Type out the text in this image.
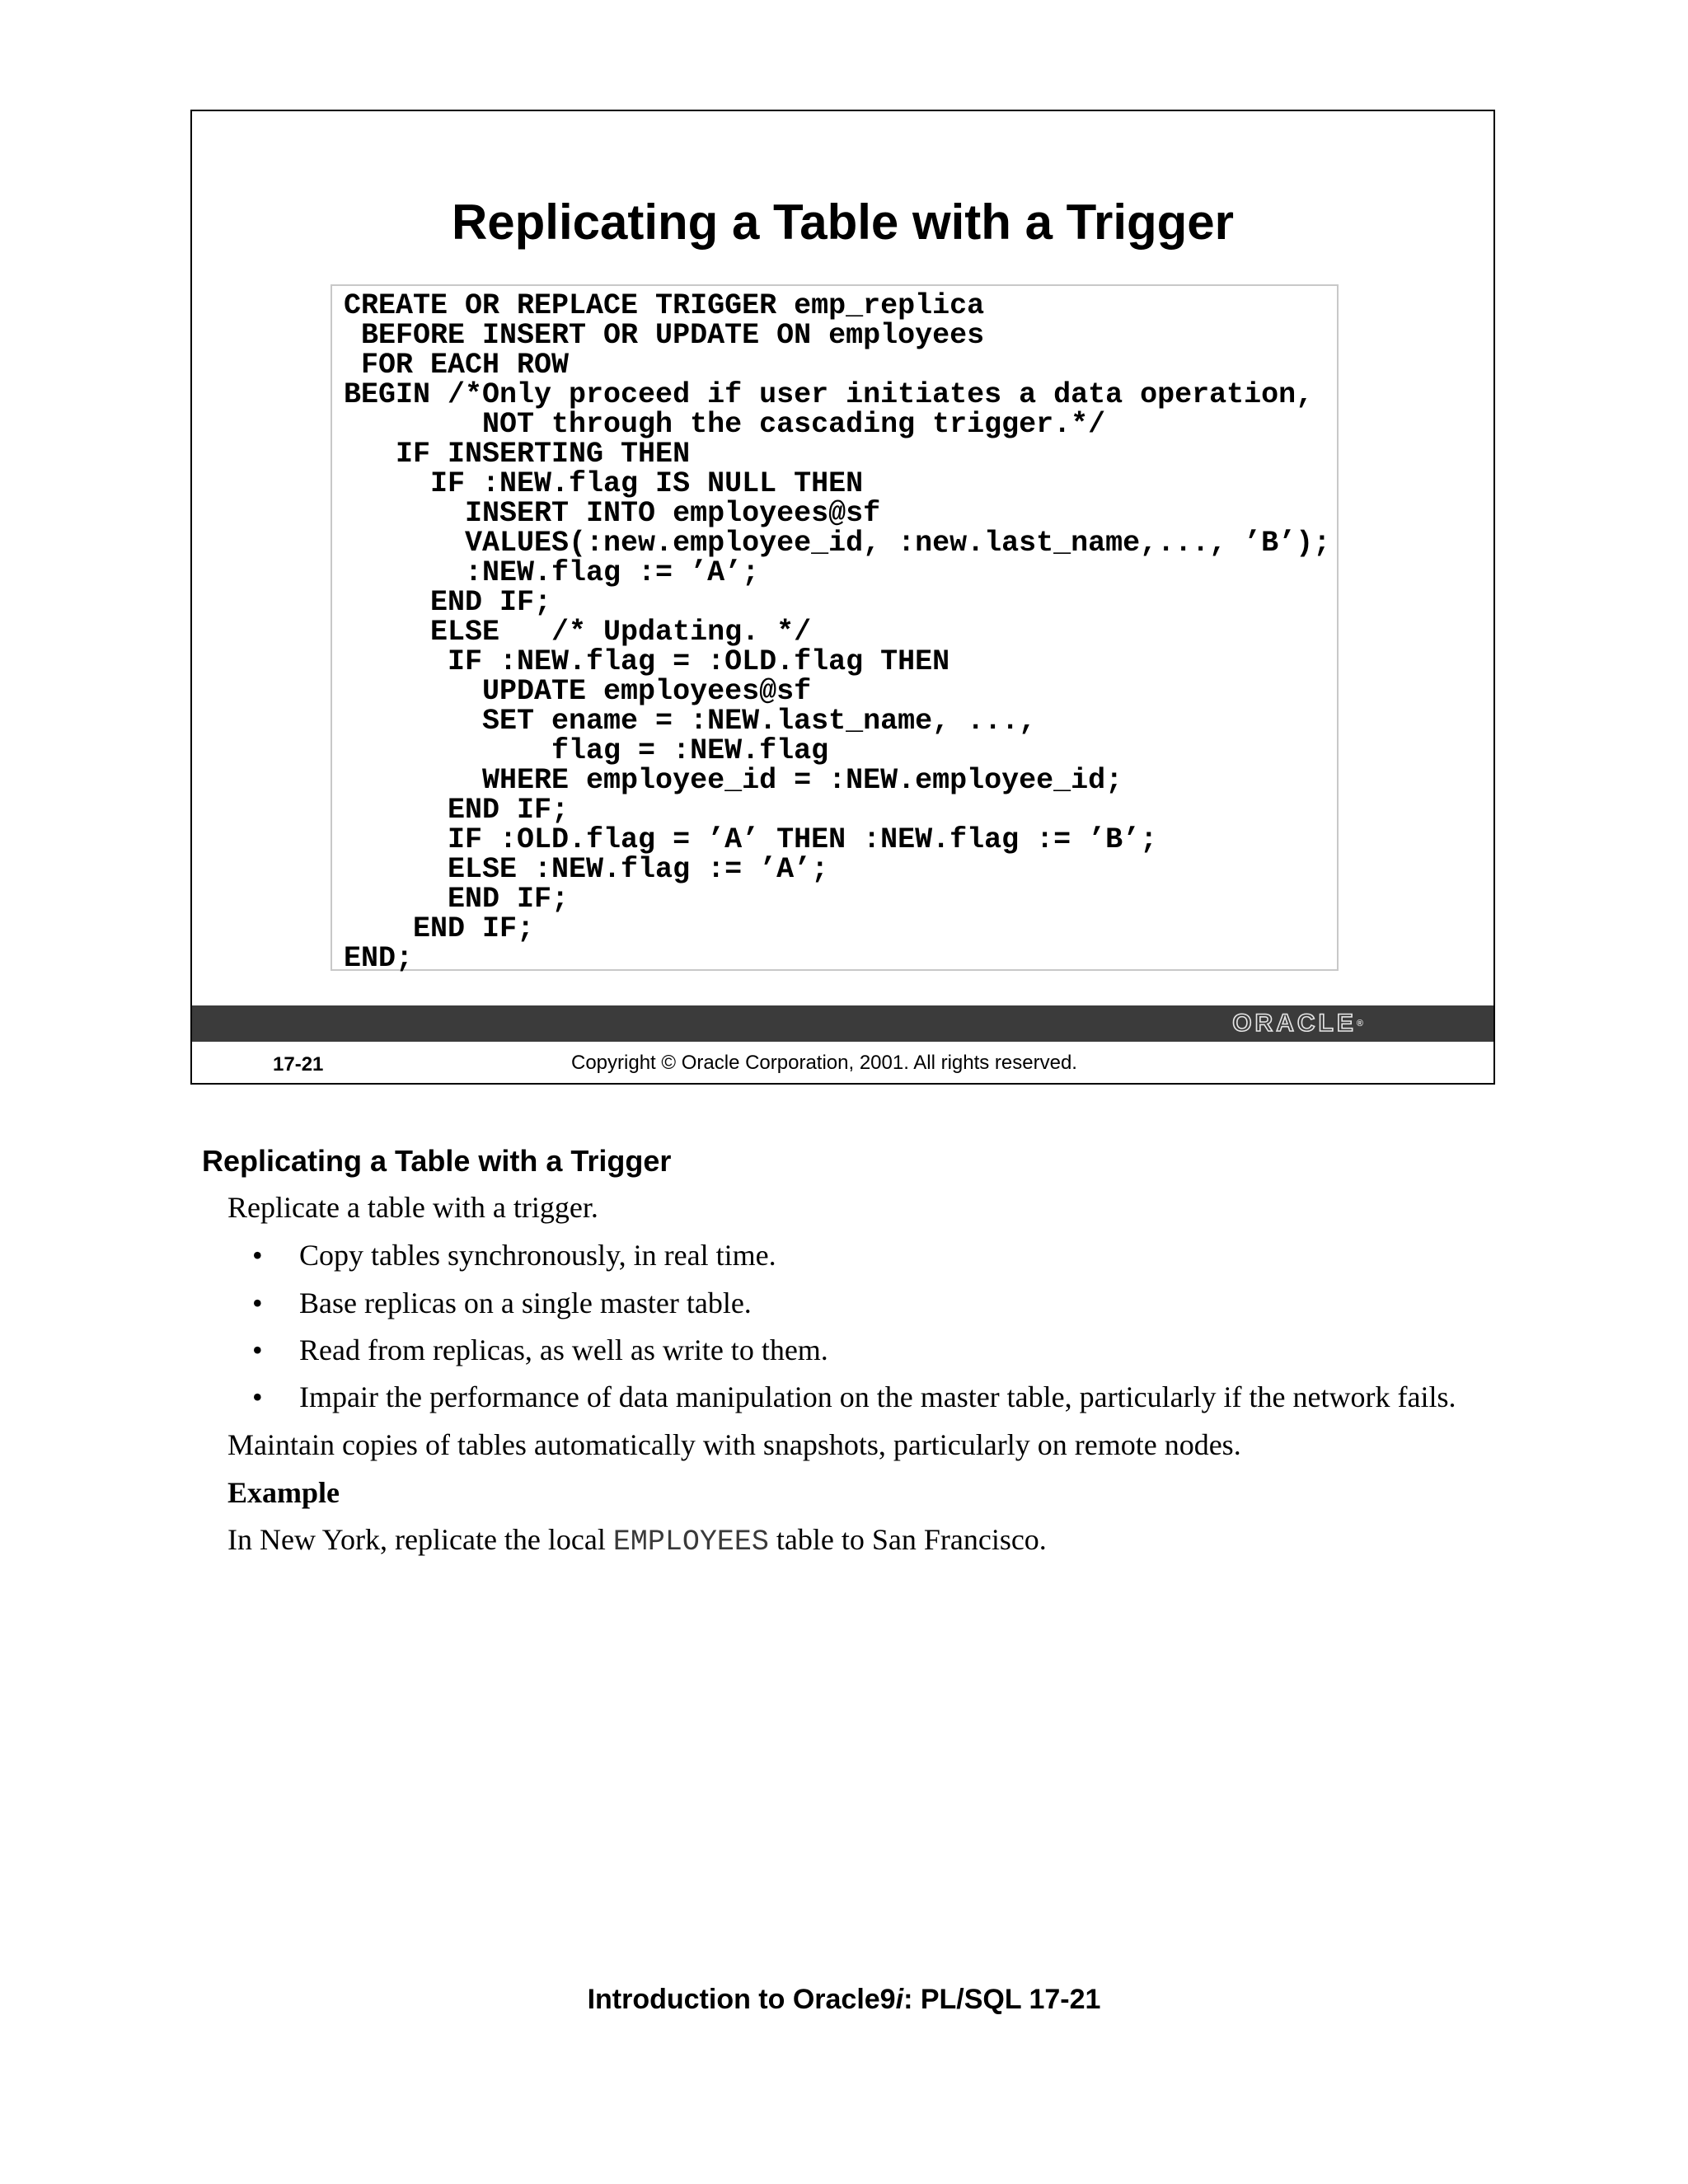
Replicating a Table with a Trigger
CREATE OR REPLACE TRIGGER emp_replica
BEFORE INSERT OR UPDATE ON employees
FOR EACH ROW
BEGIN /*Only proceed if user initiates a data operation,
NOT through the cascading trigger.*/
IF INSERTING THEN
IF :NEW.flag IS NULL THEN
INSERT INTO employees@sf
VALUES(:new.employee_id, :new.last_name,..., ’B’);
:NEW.flag := ’A’;
END IF;
ELSE   /* Updating. */
IF :NEW.flag = :OLD.flag THEN
UPDATE employees@sf
SET ename = :NEW.last_name, ...,
flag = :NEW.flag
WHERE employee_id = :NEW.employee_id;
END IF;
IF :OLD.flag = ’A’ THEN :NEW.flag := ’B’;
ELSE :NEW.flag := ’A’;
END IF;
END IF;
END;
ORACLE®
17-21	Copyright © Oracle Corporation, 2001. All rights reserved.
Replicating a Table with a Trigger

Replicate a table with a trigger.

• Copy tables synchronously, in real time.
• Base replicas on a single master table.
• Read from replicas, as well as write to them.
• Impair the performance of data manipulation on the master table, particularly if the network fails.

Maintain copies of tables automatically with snapshots, particularly on remote nodes.

Example

In New York, replicate the local EMPLOYEES table to San Francisco.

Introduction to Oracle9i: PL/SQL 17-21
